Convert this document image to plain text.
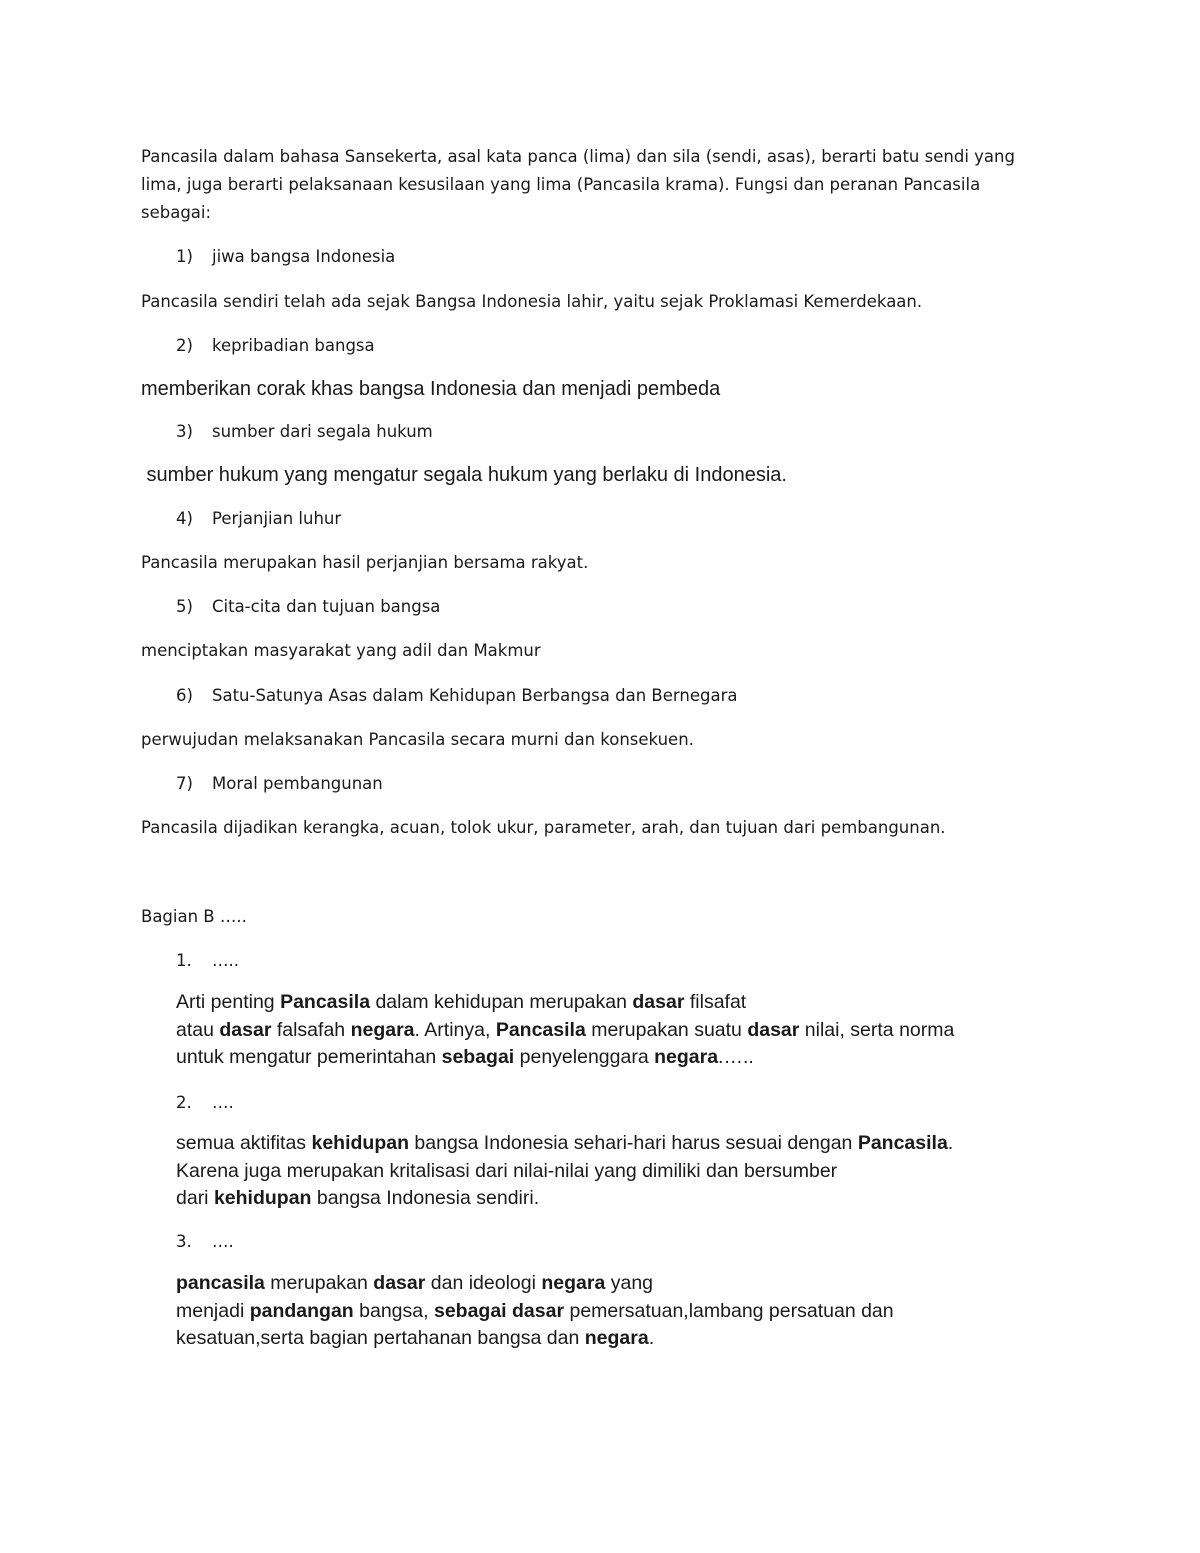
Pancasila dalam bahasa Sansekerta, asal kata panca (lima) dan sila (sendi, asas), berarti batu sendi yang
lima, juga berarti pelaksanaan kesusilaan yang lima (Pancasila krama). Fungsi dan peranan Pancasila
sebagai:

1) jiwa bangsa Indonesia
Pancasila sendiri telah ada sejak Bangsa Indonesia lahir, yaitu sejak Proklamasi Kemerdekaan.
2) kepribadian bangsa
memberikan corak khas bangsa Indonesia dan menjadi pembeda
3) sumber dari segala hukum
sumber hukum yang mengatur segala hukum yang berlaku di Indonesia.
4) Perjanjian luhur
Pancasila merupakan hasil perjanjian bersama rakyat.
5) Cita-cita dan tujuan bangsa
menciptakan masyarakat yang adil dan Makmur
6) Satu-Satunya Asas dalam Kehidupan Berbangsa dan Bernegara
perwujudan melaksanakan Pancasila secara murni dan konsekuen.
7) Moral pembangunan
Pancasila dijadikan kerangka, acuan, tolok ukur, parameter, arah, dan tujuan dari pembangunan.
Bagian B …..
1. …..

Arti penting Pancasila dalam kehidupan merupakan dasar filsafat
atau dasar falsafah negara. Artinya, Pancasila merupakan suatu dasar nilai, serta norma
untuk mengatur pemerintahan sebagai penyelenggara negara.…..

2. ….

semua aktifitas kehidupan bangsa Indonesia sehari-hari harus sesuai dengan Pancasila.
Karena juga merupakan kritalisasi dari nilai-nilai yang dimiliki dan bersumber
dari kehidupan bangsa Indonesia sendiri.

3. ….

pancasila merupakan dasar dan ideologi negara yang
menjadi pandangan bangsa, sebagai dasar pemersatuan,lambang persatuan dan
kesatuan,serta bagian pertahanan bangsa dan negara.
